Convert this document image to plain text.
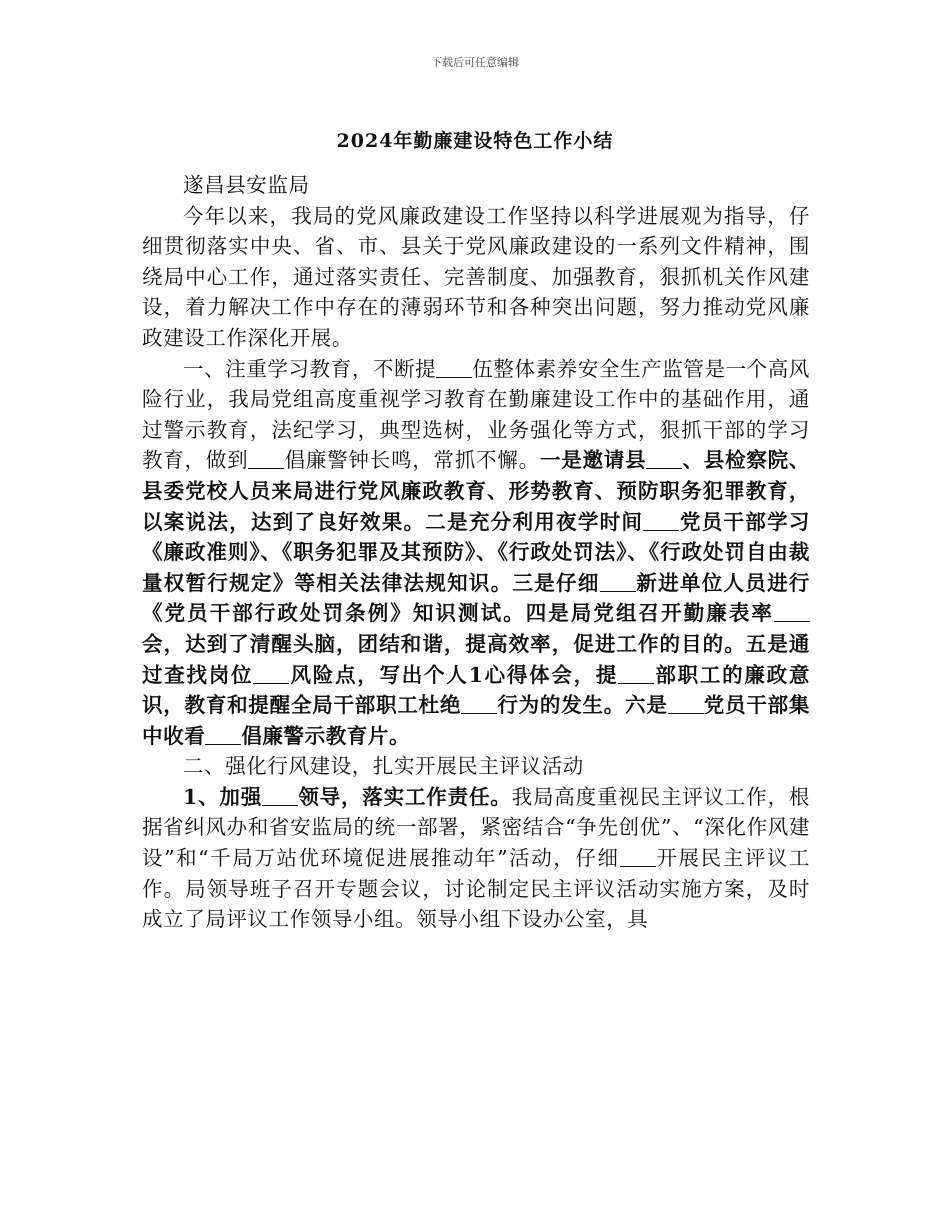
下载后可任意编辑
2024年勤廉建设特色工作小结

遂昌县安监局

今年以来，我局的党风廉政建设工作坚持以科学进展观为指导，仔细贯彻落实中央、省、市、县关于党风廉政建设的一系列文件精神，围绕局中心工作，通过落实责任、完善制度、加强教育，狠抓机关作风建设，着力解决工作中存在的薄弱环节和各种突出问题，努力推动党风廉政建设工作深化开展。

一、注重学习教育，不断提 伍整体素养安全生产监管是一个高风险行业，我局党组高度重视学习教育在勤廉建设工作中的基础作用，通过警示教育，法纪学习，典型选树，业务强化等方式，狠抓干部的学习教育，做到 倡廉警钟长鸣，常抓不懈。一是邀请县 、县检察院、县委党校人员来局进行党风廉政教育、形势教育、预防职务犯罪教育，以案说法，达到了良好效果。二是充分利用夜学时间 党员干部学习《廉政准则》、《职务犯罪及其预防》、《行政处罚法》、《行政处罚自由裁量权暂行规定》等相关法律法规知识。三是仔细 新进单位人员进行《党员干部行政处罚条例》知识测试。四是局党组召开勤廉表率会，达到了清醒头脑，团结和谐，提高效率，促进工作的目的。五是通过查找岗位 风险点，写出个人1心得体会，提 部职工的廉政意识，教育和提醒全局干部职工杜绝 行为的发生。六是 党员干部集中收看 倡廉警示教育片。

二、强化行风建设，扎实开展民主评议活动

1、加强 领导，落实工作责任。我局高度重视民主评议工作，根据省纠风办和省安监局的统一部署，紧密结合“争先创优”、“深化作风建设”和“千局万站优环境促进展推动年”活动，仔细 开展民主评议工作。局领导班子召开专题会议，讨论制定民主评议活动实施方案，及时成立了局评议工作领导小组。领导小组下设办公室，具
